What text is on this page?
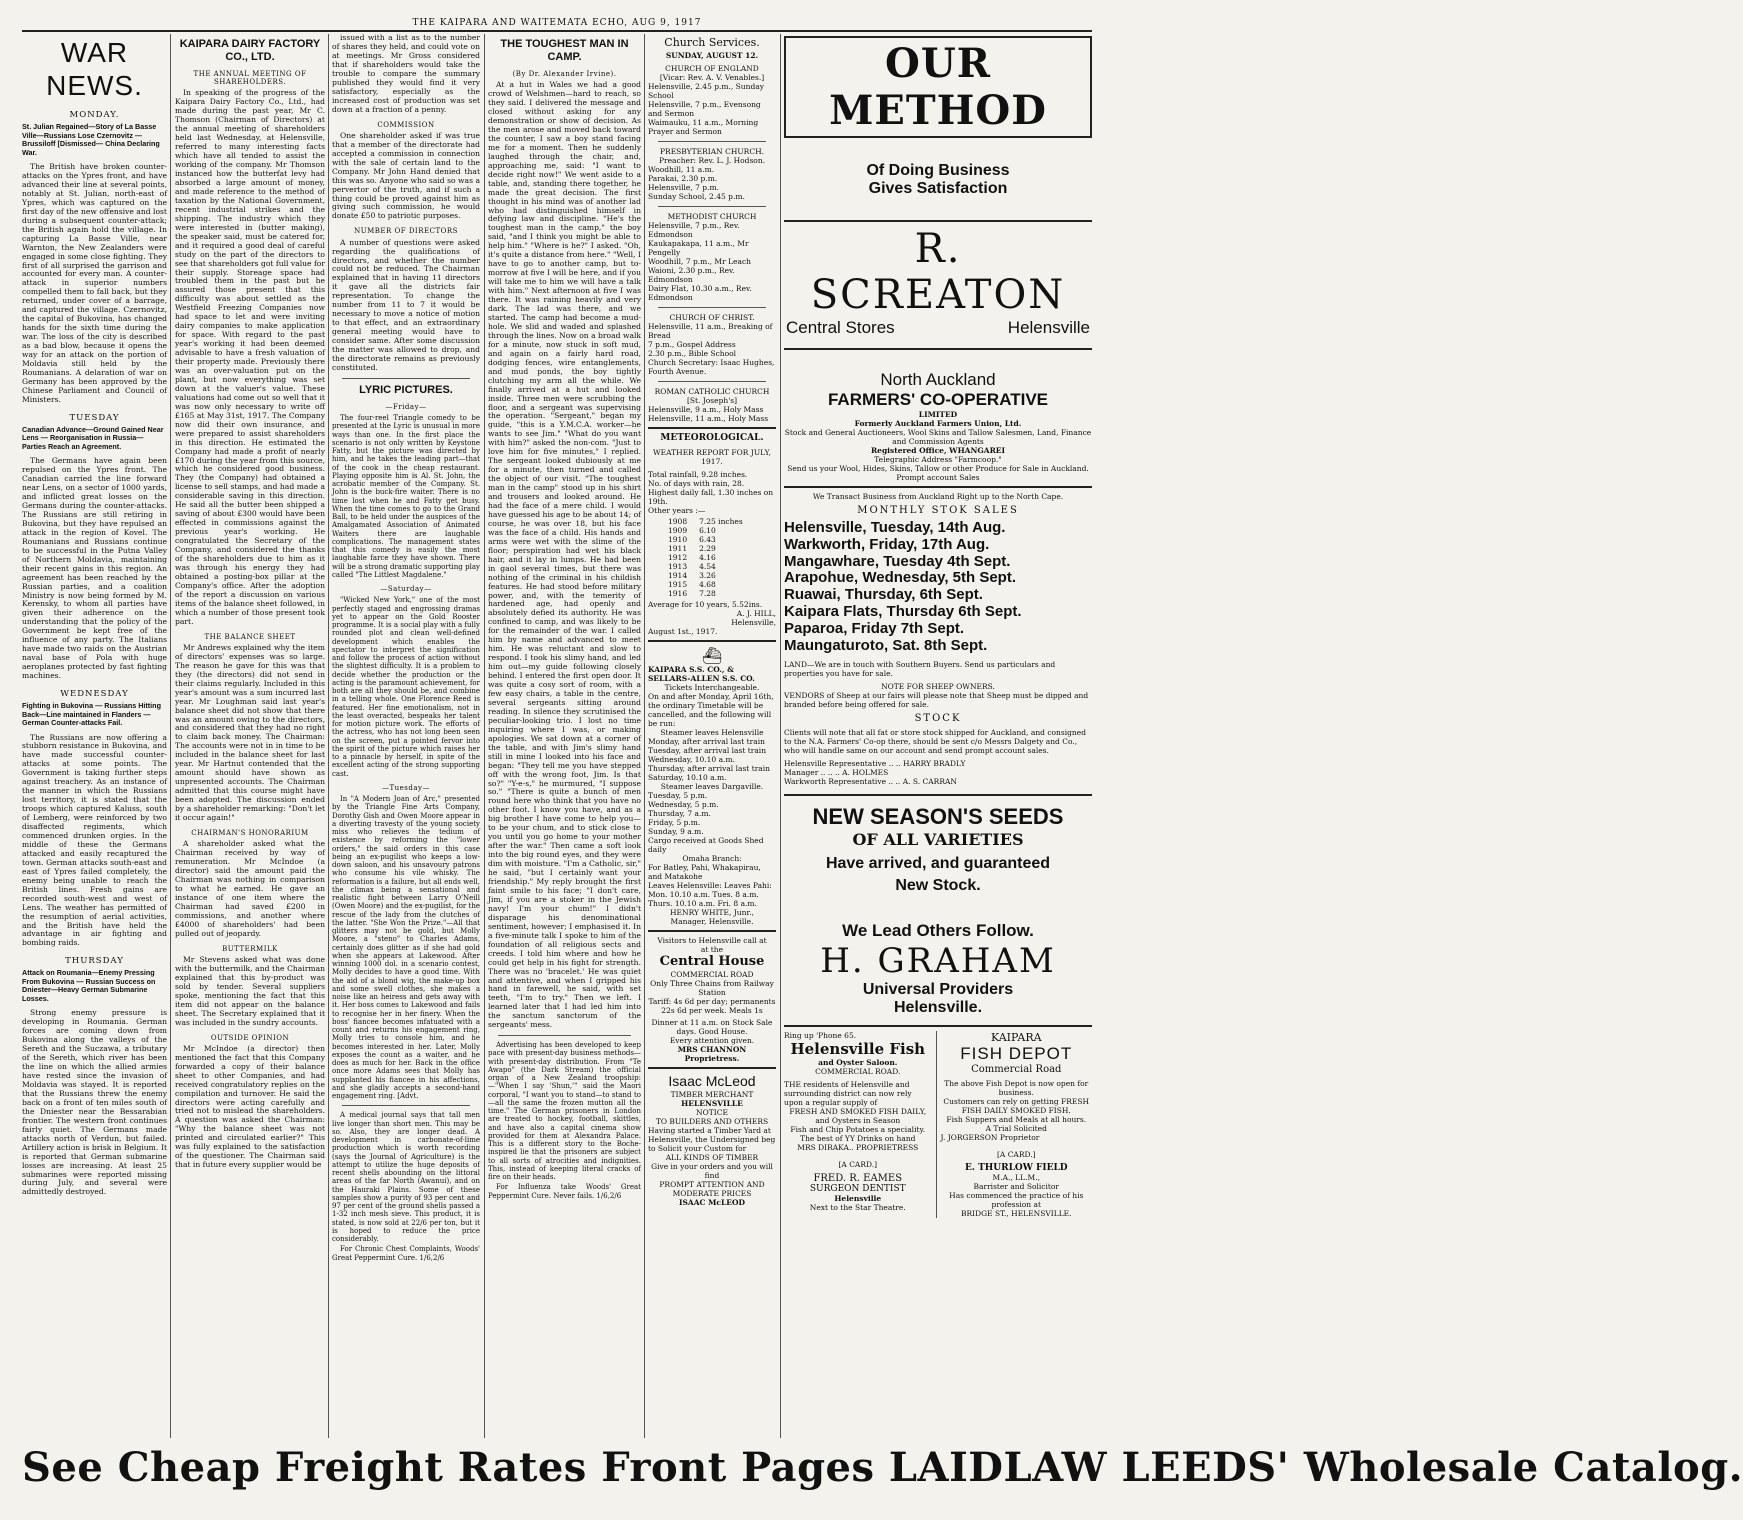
THE KAIPARA AND WAITEMATA ECHO, AUG 9, 1917
WAR NEWS.
MONDAY.
St. Julian Regained—Story of La Basse Ville—Russians Lose Czernovitz — Brussiloff [Dismissed— China Declaring War.

The British have broken counter-attacks on the Ypres front, and have advanced their line at several points, notably at St. Julian, north-east of Ypres, which was captured on the first day of the new offensive and lost during a subsequent counter-attack; the British again hold the village. In capturing La Basse Ville, near Warnton, the New Zealanders were engaged in some close fighting. They first of all surprised the garrison and accounted for every man. A counter-attack in superior numbers compelled them to fall back, but they returned, under cover of a barrage, and captured the village. Czernovitz, the capital of Bukovina, has changed hands for the sixth time during the war. The loss of the city is described as a bad blow, because it opens the way for an attack on the portion of Moldavia still held by the Roumanians. A delaration of war on Germany has been approved by the Chinese Parliament and Council of Ministers.

TUESDAY
Canadian Advance—Ground Gained Near Lens — Reorganisation in Russia—Parties Reach an Agreement.

The Germans have again been repulsed on the Ypres front. The Canadian carried the line forward near Lens, on a sector of 1000 yards, and inflicted great losses on the Germans during the counter-attacks. The Russians are still retiring in Bukovina, but they have repulsed an attack in the region of Kovel. The Roumanians and Russians continue to be successful in the Putna Valley of Northern Moldavia, maintaining their recent gains in this region. An agreement has been reached by the Russian parties, and a coalition Ministry is now being formed by M. Kerensky, to whom all parties have given their adherence on the understanding that the policy of the Government be kept free of the influence of any party. The Italians have made two raids on the Austrian naval base of Pola with huge aeroplanes protected by fast fighting machines.

WEDNESDAY
Fighting in Bukovina — Russians Hitting Back—Line maintained in Flanders — German Counter-attacks Fail.

The Russians are now offering a stubborn resistance in Bukovina, and have made successful counter-attacks at some points. The Government is taking further steps against treachery. As an instance of the manner in which the Russians lost territory, it is stated that the troops which captured Kaluss, south of Lemberg, were reinforced by two disaffected regiments, which commenced drunken orgies. In the middle of these the Germans attacked and easily recaptured the town. German attacks south-east and east of Ypres failed completely, the enemy being unable to reach the British lines. Fresh gains are recorded south-west and west of Lens. The weather has permitted of the resumption of aerial activities, and the British have held the advantage in air fighting and bombing raids.

THURSDAY
Attack on Roumania—Enemy Pressing From Bukovina — Russian Success on Dniester—Heavy German Submarine Losses.

Strong enemy pressure is developing in Roumania. German forces are coming down from Bukovina along the valleys of the Sereth and the Suczawa, a tributary of the Sereth, which river has been the line on which the allied armies have rested since the invasion of Moldavia was stayed. It is reported that the Russians threw the enemy back on a front of ten miles south of the Dniester near the Bessarabian frontier. The western front continues fairly quiet. The Germans made attacks north of Verdun, but failed. Artillery action is brisk in Belgium. It is reported that German submarine losses are increasing. At least 25 submarines were reported missing during July, and several were admittedly destroyed.

KAIPARA DAIRY FACTORY CO., LTD.
THE ANNUAL MEETING OF SHAREHOLDERS.

In speaking of the progress of the Kaipara Dairy Factory Co., Ltd., had made during the past year, Mr C. Thomson (Chairman of Directors) at the annual meeting of shareholders held last Wednesday, at Helensville, referred to many interesting facts which have all tended to assist the working of the company. Mr Thomson instanced how the butterfat levy had absorbed a large amount of money, and made reference to the method of taxation by the National Government, recent industrial strikes and the shipping. The industry which they were interested in (butter making), the speaker said, must be catered for, and it required a good deal of careful study on the part of the directors to see that shareholders got full value for their supply. Storeage space had troubled them in the past but he assured those present that this difficulty was about settled as the Westfield Freezing Companies now had space to let and were inviting dairy companies to make application for space. With regard to the past year's working it had been deemed advisable to have a fresh valuation of their property made. Previously there was an over-valuation put on the plant, but now everything was set down at the valuer's value. These valuations had come out so well that it was now only necessary to write off £165 at May 31st, 1917. The Company now did their own insurance, and were prepared to assist shareholders in this direction. He estimated the Company had made a profit of nearly £170 during the year from this source, which he considered good business. They (the Company) had obtained a license to sell stamps, and had made a considerable saving in this direction. He said all the butter been shipped a saving of about £300 would have been effected in commissions against the previous year's working. He congratulated the Secretary of the Company, and considered the thanks of the shareholders due to him as it was through his energy they had obtained a posting-box pillar at the Company's office. After the adoption of the report a discussion on various items of the balance sheet followed, in which a number of those present took part.

THE BALANCE SHEET

Mr Andrews explained why the item of directors' expenses was so large. The reason he gave for this was that they (the directors) did not send in their claims regularly. Included in this year's amount was a sum incurred last year. Mr Loughman said last year's balance sheet did not show that there was an amount owing to the directors, and considered that they had no right to claim back money. The Chairman: The accounts were not in in time to be included in the balance sheet for last year. Mr Hartnut contended that the amount should have shown as unpresented accounts. The Chairman admitted that this course might have been adopted. The discussion ended by a shareholder remarking: "Don't let it occur again!"

CHAIRMAN'S HONORARIUM

A shareholder asked what the Chairman received by way of remuneration. Mr McIndoe (a director) said the amount paid the Chairman was nothing in comparison to what he earned. He gave an instance of one item where the Chairman had saved £200 in commissions, and another where £4000 of shareholders' had been pulled out of jeopardy.

BUTTERMILK

Mr Stevens asked what was done with the buttermilk, and the Chairman explained that this by-product was sold by tender. Several suppliers spoke, mentioning the fact that this item did not appear on the balance sheet. The Secretary explained that it was included in the sundry accounts.

OUTSIDE OPINION

Mr McIndoe (a director) then mentioned the fact that this Company forwarded a copy of their balance sheet to other Companies, and had received congratulatory replies on the compilation and turnover. He said the directors were acting carefully and tried not to mislead the shareholders. A question was asked the Chairman: "Why the balance sheet was not printed and circulated earlier?" This was fully explained to the satisfaction of the questioner. The Chairman said that in future every supplier would be

issued with a list as to the number of shares they held, and could vote on at meetings. Mr Gross considered that if shareholders would take the trouble to compare the summary published they would find it very satisfactory, especially as the increased cost of production was set down at a fraction of a penny.

COMMISSION

One shareholder asked if was true that a member of the directorate had accepted a commission in connection with the sale of certain land to the Company. Mr John Hand denied that this was so. Anyone who said so was a pervertor of the truth, and if such a thing could be proved against him as giving such commission, he would donate £50 to patriotic purposes.

NUMBER OF DIRECTORS

A number of questions were asked regarding the qualifications of directors, and whether the number could not be reduced. The Chairman explained that in having 11 directors it gave all the districts fair representation. To change the number from 11 to 7 it would be necessary to move a notice of motion to that effect, and an extraordinary general meeting would have to consider same. After some discussion the matter was allowed to drop, and the directorate remains as previously constituted.

LYRIC PICTURES.
—Friday—

The four-reel Triangle comedy to be presented at the Lyric is unusual in more ways than one. In the first place the scenario is not only written by Keystone Fatty, but the picture was directed by him, and he takes the leading part—that of the cook in the cheap restaurant. Playing opposite him is Al. St. John, the acrobatic member of the Company. St. John is the buck-fire waiter. There is no time lost when he and Fatty get busy. When the time comes to go to the Grand Ball, to be held under the auspices of the Amalgamated Association of Animated Waiters there are laughable complications. The management states that this comedy is easily the most laughable farce they have shown. There will be a strong dramatic supporting play called "The Littlest Magdalene."

—Saturday—

"Wicked New York," one of the most perfectly staged and engrossing dramas yet to appear on the Gold Rooster programme. It is a social play with a fully rounded plot and clean well-defined development which enables the spectator to interpret the signification and follow the process of action without the slightest difficulty. It is a problem to decide whether the production or the acting is the paramount achievement, for both are all they should be, and combine in a telling whole. One Florence Reed is featured. Her fine emotionalism, not in the least overacted, bespeaks her talent for motion picture work. The efforts of the actress, who has not long been seen on the screen, put a pointed fervor into the spirit of the picture which raises her to a pinnacle by herself, in spite of the excellent acting of the strong supporting cast.

—Tuesday—

In "A Modern Joan of Arc," presented by the Triangle Fine Arts Company, Dorothy Gish and Owen Moore appear in a diverting travesty of the young society miss who relieves the tedium of existence by reforming the "lower orders," the said orders in this case being an ex-pugilist who keeps a low-down saloon, and his unsavoury patrons who consume his vile whisky. The reformation is a failure, but all ends well, the climax being a sensational and realistic fight between Larry O'Neill (Owen Moore) and the ex-pugilist, for the rescue of the lady from the clutches of the latter. "She Won the Prize."—All that glitters may not be gold, but Molly Moore, a "steno" to Charles Adams, certainly does glitter as if she had gold when she appears at Lakewood. After winning 1000 dol. in a scenario contest, Molly decides to have a good time. With the aid of a blond wig, the make-up box and some swell clothes, she makes a noise like an heiress and gets away with it. Her boss comes to Lakewood and fails to recognise her in her finery. When the boss' fiancee becomes infatuated with a count and returns his engagement ring, Molly tries to console him, and he becomes interested in her. Later, Molly exposes the count as a waiter, and he does as much for her. Back in the office once more Adams sees that Molly has supplanted his fiancee in his affections, and she gladly accepts a second-hand engagement ring. [Advt.

A medical journal says that tall men live longer than short men. This may be so. Also, they are longer dead. A development in carbonate-of-lime production which is worth recording (says the Journal of Agriculture) is the attempt to utilize the huge deposits of recent shells abounding on the littoral areas of the far North (Awanui), and on the Hauraki Plains. Some of these samples show a purity of 93 per cent and 97 per cent of the ground shells passed a 1-32 inch mesh sieve. This product, it is stated, is now sold at 22/6 per ton, but it is hoped to reduce the price considerably.

For Chronic Chest Complaints, Woods' Great Peppermint Cure. 1/6,2/6

THE TOUGHEST MAN IN CAMP.
(By Dr. Alexander Irvine).

At a hut in Wales we had a good crowd of Welshmen—hard to reach, so they said. I delivered the message and closed without asking for any demonstration or show of decision. As the men arose and moved back toward the counter, I saw a boy stand facing me for a moment. Then he suddenly laughed through the chair, and, approaching me, said: "I want to decide right now!" We went aside to a table, and, standing there together, he made the great decision. The first thought in his mind was of another lad who had distinguished himself in defying law and discipline. "He's the toughest man in the camp," the boy said, "and I think you might be able to help him." "Where is he?" I asked. "Oh, it's quite a distance from here." "Well, I have to go to another camp, but to-morrow at five I will be here, and if you will take me to him we will have a talk with him." Next afternoon at five I was there. It was raining heavily and very dark. The lad was there, and we started. The camp had become a mud-hole. We slid and waded and splashed through the lines. Now on a broad walk for a minute, now stuck in soft mud, and again on a fairly hard road, dodging fences, wire entanglements, and mud ponds, the boy tightly clutching my arm all the while. We finally arrived at a hut and looked inside. Three men were scrubbing the floor, and a sergeant was supervising the operation. "Sergeant," began my guide, "this is a Y.M.C.A. worker—he wants to see Jim." "What do you want with him?" asked the non-com. "Just to love him for five minutes," I replied. The sergeant looked dubiously at me for a minute, then turned and called the object of our visit. "The toughest man in the camp" stood up in his shirt and trousers and looked around. He had the face of a mere child. I would have guessed his age to be about 14; of course, he was over 18, but his face was the face of a child. His hands and arms were wet with the slime of the floor; perspiration had wet his black hair, and it lay in lumps. He had been in gaol several times, but there was nothing of the criminal in his childish features. He had stood before military power, and, with the temerity of hardened age, had openly and absolutely defied its authority. He was confined to camp, and was likely to be for the remainder of the war. I called him by name and advanced to meet him. He was reluctant and slow to respond. I took his slimy hand, and led him out—my guide following closely behind. I entered the first open door. It was quite a cosy sort of room, with a few easy chairs, a table in the centre, several sergeants sitting around reading. In silence they scrutinised the peculiar-looking trio. I lost no time inquiring where I was, or making apologies. We sat down at a corner of the table, and with Jim's slimy hand still in mine I looked into his face and began: "They tell me you have stepped off with the wrong foot, Jim. Is that so?" "Y-e-s," he murmured, "I suppose so." "There is quite a bunch of men round here who think that you have no other foot. I know you have, and as a big brother I have come to help you—to be your chum, and to stick close to you until you go home to your mother after the war." Then came a soft look into the big round eyes, and they were dim with moisture. "I'm a Catholic, sir," he said, "but I certainly want your friendship." My reply brought the first faint smile to his face; "I don't care, Jim, if you are a stoker in the Jewish navy! I'm your chum!" I didn't disparage his denominational sentiment, however; I emphasised it. In a five-minute talk I spoke to him of the foundation of all religious sects and creeds. I told him where and how he could get help in his fight for strength. There was no 'bracelet.' He was quiet and attentive, and when I gripped his hand in farewell, he said, with set teeth, "I'm to try." Then we left. I learned later that I had led him into the sanctum sanctorum of the sergeants' mess.

Advertising has been developed to keep pace with present-day business methods—with present-day distribution. From "Te Awapo" (the Dark Stream) the official organ of a New Zealand troopship:—"When I say 'Shun,'" said the Maori corporal, "I want you to stand—to stand to—all the same the frozen mutton all the time." The German prisoners in London are treated to hockey, football, skittles, and have also a capital cinema show provided for them at Alexandra Palace. This is a different story to the Boche-inspired lie that the prisoners are subject to all sorts of atrocities and indignities. This, instead of keeping literal cracks of fire on their heads.

For Influenza take Woods' Great Peppermint Cure. Never fails. 1/6,2/6

Church Services.
SUNDAY, AUGUST 12.
CHURCH OF ENGLAND
[Vicar: Rev. A. V. Venables.]
Helensville, 2.45 p.m., Sunday School
Helensville, 7 p.m., Evensong and Sermon
Waimauku, 11 a.m., Morning Prayer and Sermon
PRESBYTERIAN CHURCH.
Preacher: Rev. L. J. Hodson.
Woodhill, 11 a.m.
Parakai, 2.30 p.m.
Helensville, 7 p.m.
Sunday School, 2.45 p.m.
METHODIST CHURCH
Helensville, 7 p.m., Rev. Edmondson
Kaukapakapa, 11 a.m., Mr Pengelly
Woodhill, 7 p.m., Mr Leach
Waioni, 2.30 p.m., Rev. Edmondson
Dairy Flat, 10.30 a.m., Rev. Edmondson
CHURCH OF CHRIST.
Helensville, 11 a.m., Breaking of Bread
7 p.m., Gospel Address
2.30 p.m., Bible School
Church Secretary: Isaac Hughes, Fourth Avenue.
ROMAN CATHOLIC CHURCH
[St. Joseph's]
Helensville, 9 a.m., Holy Mass
Helensville, 11 a.m., Holy Mass
METEOROLOGICAL.
WEATHER REPORT FOR JULY, 1917.
Total rainfall, 9.28 inches.
No. of days with rain, 28.
Highest daily fall, 1.30 inches on 19th.
Other years :—
1908	7.25 inches
1909	6.10
1910	6.43
1911	2.29
1912	4.16
1913	4.54
1914	3.26
1915	4.68
1916	7.28
Average for 10 years, 5.52ins.
A. J. HILL,
Helensville,
August 1st., 1917.
⛴
KAIPARA S.S. CO., & SELLARS-ALLEN S.S. CO.
Tickets Interchangeable.
On and after Monday, April 16th, the ordinary Timetable will be cancelled, and the following will be run:
Steamer leaves Helensville
Monday, after arrival last train
Tuesday, after arrival last train
Wednesday, 10.10 a.m.
Thursday, after arrival last train
Saturday, 10.10 a.m.
Steamer leaves Dargaville.
Tuesday, 5 p.m.
Wednesday, 5 p.m.
Thursday, 7 a.m.
Friday, 5 p.m.
Sunday, 9 a.m.
Cargo received at Goods Shed daily
Omaha Branch:
For Batley, Pahi, Whakapirau, and Matakohe
Leaves Helensville: Leaves Pahi:
Mon. 10.10 a.m. Tues. 8 a.m.
Thurs. 10.10 a.m. Fri. 8 a.m.
HENRY WHITE, Junr.,
Manager, Helensville.
Visitors to Helensville call at
at the
Central House
COMMERCIAL ROAD
Only Three Chains from Railway Station
Tariff: 4s 6d per day; permanents 22s 6d per week. Meals 1s
Dinner at 11 a.m. on Stock Sale days. Good House.
Every attention given.
MRS CHANNON
Proprietress.
Isaac McLeod
TIMBER MERCHANT
HELENSVILLE
NOTICE
TO BUILDERS AND OTHERS
Having started a Timber Yard at Helensville, the Undersigned beg to Solicit your Custom for
ALL KINDS OF TIMBER
Give in your orders and you will find
PROMPT ATTENTION AND MODERATE PRICES
ISAAC McLEOD
OUR METHOD
Of Doing Business
Gives Satisfaction
R. SCREATON
Central Stores	Helensville
North Auckland
FARMERS' CO-OPERATIVE
LIMITED
Formerly Auckland Farmers Union, Ltd.
Stock and General Auctioneers, Wool Skins and Tallow Salesmen, Land, Finance and Commission Agents
Registered Office, WHANGAREI
Telegraphic Address "Farmcoop."
Send us your Wool, Hides, Skins, Tallow or other Produce for Sale in Auckland. Prompt account Sales
We Transact Business from Auckland Right up to the North Cape.
MONTHLY STOK SALES
Helensville, Tuesday, 14th Aug.
Warkworth, Friday, 17th Aug.
Mangawhare, Tuesday 4th Sept.
Arapohue, Wednesday, 5th Sept.
Ruawai, Thursday, 6th Sept.
Kaipara Flats, Thursday 6th Sept.
Paparoa, Friday 7th Sept.
Maungaturoto, Sat. 8th Sept.
LAND—We are in touch with Southern Buyers. Send us particulars and properties you have for sale.
NOTE FOR SHEEP OWNERS.
VENDORS of Sheep at our fairs will please note that Sheep must be dipped and branded before being offered for sale.
STOCK
Clients will note that all fat or store stock shipped for Auckland, and consigned to the N.A. Farmers' Co-op there, should be sent c/o Messrs Dalgety and Co., who will handle same on our account and send prompt account sales.
Helensville Representative .. .. HARRY BRADLY
Manager .. .. .. A. HOLMES
Warkworth Representative .. .. A. S. CARRAN
NEW SEASON'S SEEDS
OF ALL VARIETIES
Have arrived, and guaranteed
New Stock.
We Lead Others Follow.
H. GRAHAM
Universal Providers
Helensville.
Ring up 'Phone 65.
Helensville Fish
and Oyster Saloon.
COMMERCIAL ROAD.
THE residents of Helensville and surrounding district can now rely upon a regular supply of
FRESH AND SMOKED FISH DAILY,
and Oysters in Season
Fish and Chip Potatoes a speciality.
The best of YY Drinks on hand
MRS DIRAKA.. PROPRIETRESS
[A CARD.]
FRED. R. EAMES
SURGEON DENTIST
Helensville
Next to the Star Theatre.
KAIPARA
FISH DEPOT
Commercial Road
The above Fish Depot is now open for business.
Customers can rely on getting FRESH FISH DAILY SMOKED FISH.
Fish Suppers and Meals at all hours.
A Trial Solicited
J. JORGERSON Proprietor
[A CARD.]
E. THURLOW FIELD
M.A., LL.M.,
Barrister and Solicitor
Has commenced the practice of his profession at
BRIDGE ST., HELENSVILLE.
See Cheap Freight Rates Front Pages LAIDLAW LEEDS' Wholesale Catalog.
